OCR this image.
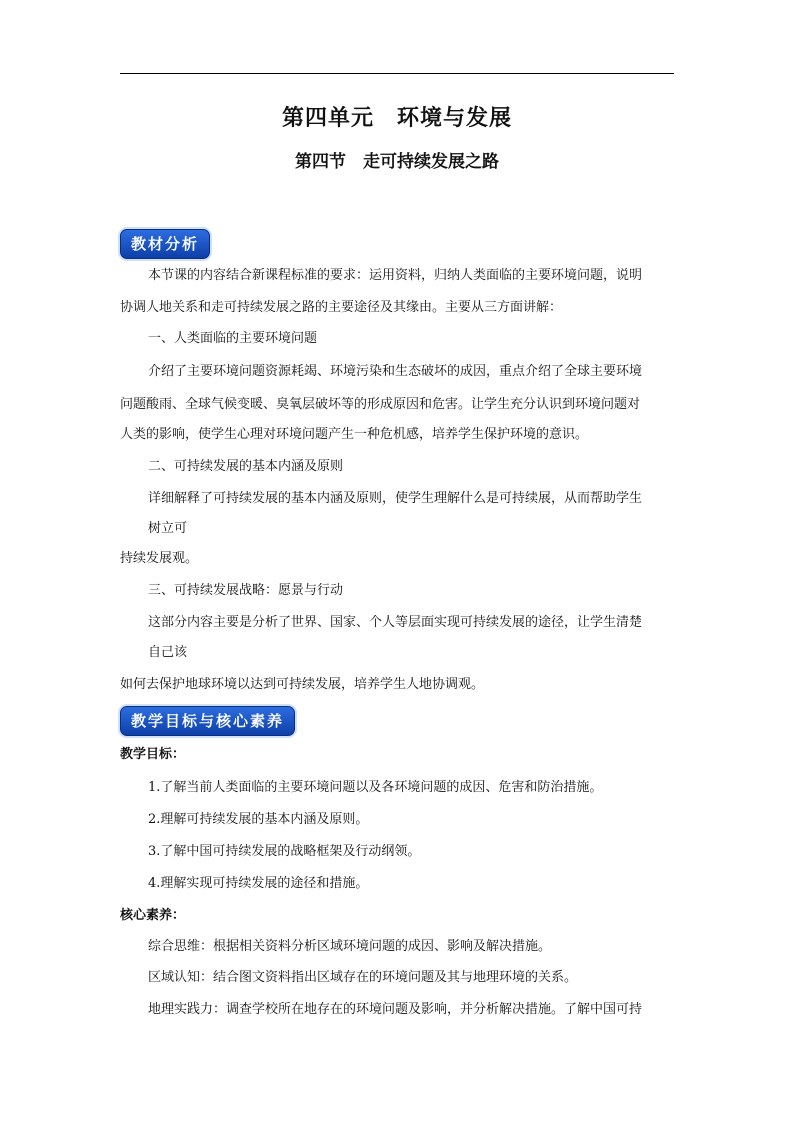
第四单元　环境与发展
第四节　走可持续发展之路
教材分析
本节课的内容结合新课程标准的要求：运用资料，归纳人类面临的主要环境问题，说明
协调人地关系和走可持续发展之路的主要途径及其缘由。主要从三方面讲解：
一、人类面临的主要环境问题
介绍了主要环境问题资源耗竭、环境污染和生态破坏的成因，重点介绍了全球主要环境
问题酸雨、全球气候变暖、臭氧层破坏等的形成原因和危害。让学生充分认识到环境问题对
人类的影响，使学生心理对环境问题产生一种危机感，培养学生保护环境的意识。
二、可持续发展的基本内涵及原则
详细解释了可持续发展的基本内涵及原则，使学生理解什么是可持续展，从而帮助学生
树立可
持续发展观。
三、可持续发展战略：愿景与行动
这部分内容主要是分析了世界、国家、个人等层面实现可持续发展的途径，让学生清楚
自己该
如何去保护地球环境以达到可持续发展，培养学生人地协调观。
教学目标与核心素养
教学目标：
1.了解当前人类面临的主要环境问题以及各环境问题的成因、危害和防治措施。
2.理解可持续发展的基本内涵及原则。
3.了解中国可持续发展的战略框架及行动纲领。
4.理解实现可持续发展的途径和措施。
核心素养：
综合思维：根据相关资料分析区域环境问题的成因、影响及解决措施。
区域认知：结合图文资料指出区域存在的环境问题及其与地理环境的关系。
地理实践力：调查学校所在地存在的环境问题及影响，并分析解决措施。了解中国可持
